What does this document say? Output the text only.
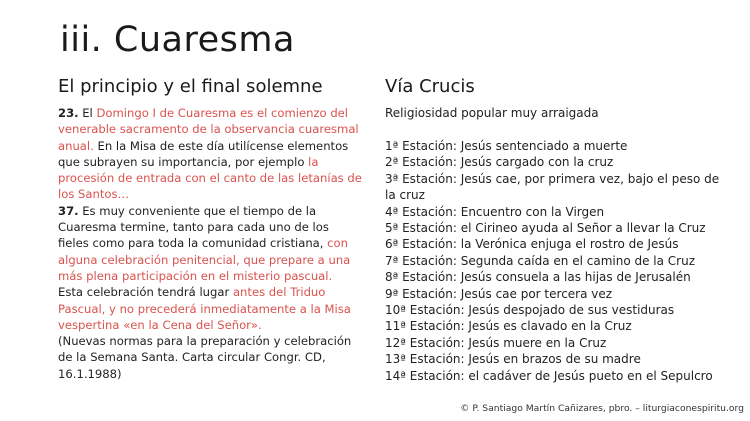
iii. Cuaresma
El principio y el final solemne

23. El Domingo I de Cuaresma es el comienzo del venerable sacramento de la observancia cuaresmal anual. En la Misa de este día utilícense elementos que subrayen su importancia, por ejemplo la procesión de entrada con el canto de las letanías de los Santos…

37. Es muy conveniente que el tiempo de la Cuaresma termine, tanto para cada uno de los fieles como para toda la comunidad cristiana, con alguna celebración penitencial, que prepare a una más plena participación en el misterio pascual.

Esta celebración tendrá lugar antes del Triduo Pascual, y no precederá inmediatamente a la Misa vespertina «en la Cena del Señor».

(Nuevas normas para la preparación y celebración de la Semana Santa. Carta circular Congr. CD, 16.1.1988)

Vía Crucis
Religiosidad popular muy arraigada
1ª Estación: Jesús sentenciado a muerte
2ª Estación: Jesús cargado con la cruz
3ª Estación: Jesús cae, por primera vez, bajo el peso de la cruz
4ª Estación: Encuentro con la Virgen
5ª Estación: el Cirineo ayuda al Señor a llevar la Cruz
6ª Estación: la Verónica enjuga el rostro de Jesús
7ª Estación: Segunda caída en el camino de la Cruz
8ª Estación: Jesús consuela a las hijas de Jerusalén
9ª Estación: Jesús cae por tercera vez
10ª Estación: Jesús despojado de sus vestiduras
11ª Estación: Jesús es clavado en la Cruz
12ª Estación: Jesús muere en la Cruz
13ª Estación: Jesús en brazos de su madre
14ª Estación: el cadáver de Jesús pueto en el Sepulcro
© P. Santiago Martín Cañizares, pbro. – liturgiaconespiritu.org
